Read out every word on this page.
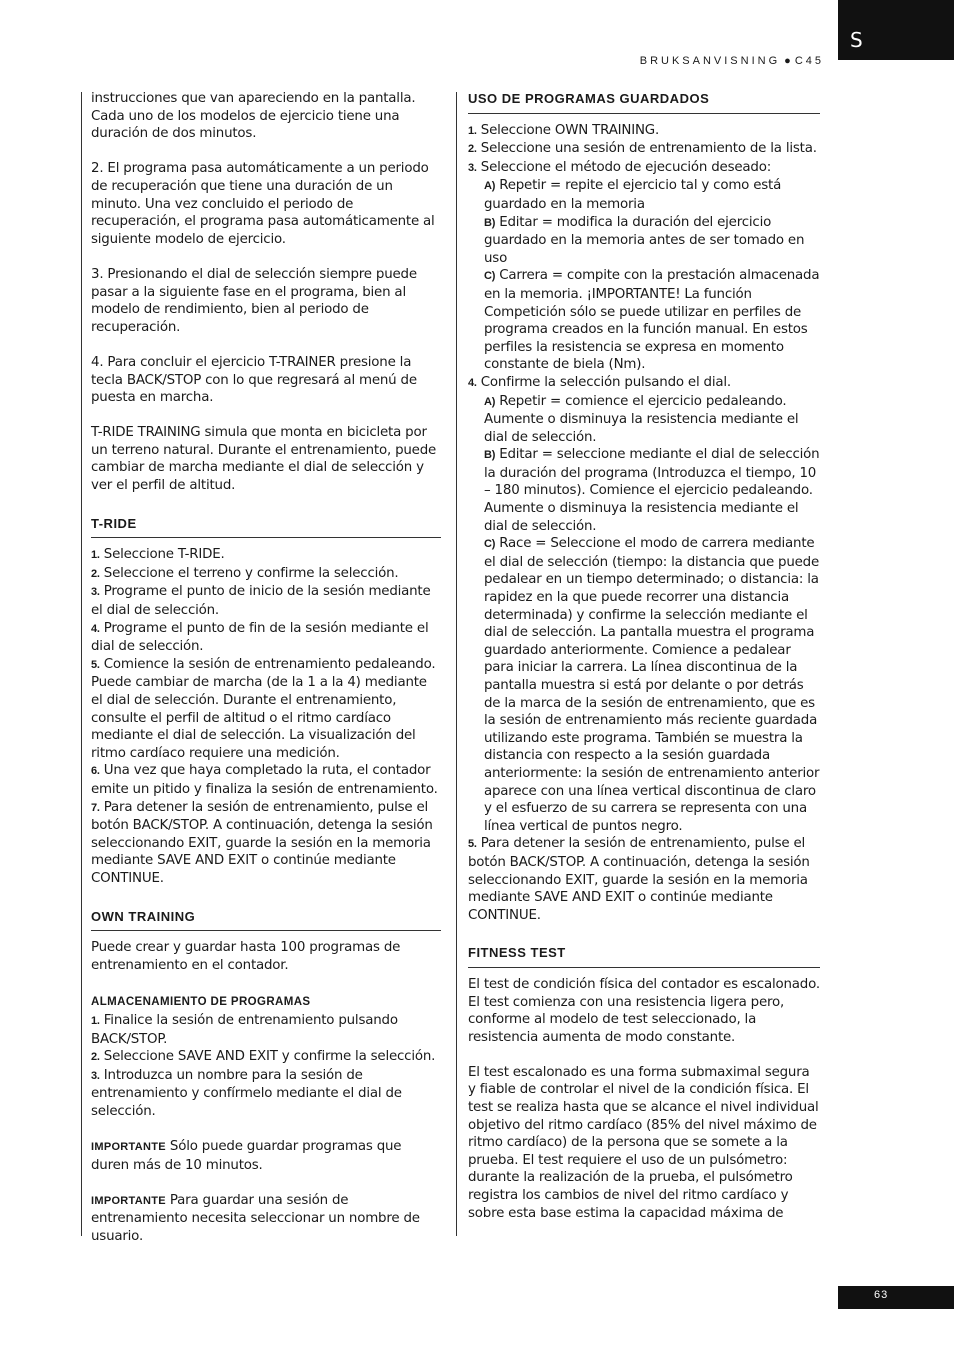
S
BRUKSANVISNING ● C45

instrucciones que van apareciendo en la pantalla. Cada uno de los modelos de ejercicio tiene una duración de dos minutos.

2. El programa pasa automáticamente a un periodo de recuperación que tiene una duración de un minuto. Una vez concluido el periodo de recuperación, el programa pasa automáticamente al siguiente modelo de ejercicio.

3. Presionando el dial de selección siempre puede pasar a la siguiente fase en el programa, bien al modelo de rendimiento, bien al periodo de recuperación.

4. Para concluir el ejercicio T-TRAINER presione la tecla BACK/STOP con lo que regresará al menú de puesta en marcha.

T-RIDE TRAINING simula que monta en bicicleta por un terreno natural. Durante el entrenamiento, puede cambiar de marcha mediante el dial de selección y ver el perfil de altitud.

T-RIDE
1. Seleccione T-RIDE.
2. Seleccione el terreno y confirme la selección.
3. Programe el punto de inicio de la sesión mediante el dial de selección.
4. Programe el punto de fin de la sesión mediante el dial de selección.
5. Comience la sesión de entrenamiento pedaleando. Puede cambiar de marcha (de la 1 a la 4) mediante el dial de selección. Durante el entrenamiento, consulte el perfil de altitud o el ritmo cardíaco mediante el dial de selección. La visualización del ritmo cardíaco requiere una medición.
6. Una vez que haya completado la ruta, el contador emite un pitido y finaliza la sesión de entrenamiento.
7. Para detener la sesión de entrenamiento, pulse el botón BACK/STOP. A continuación, detenga la sesión seleccionando EXIT, guarde la sesión en la memoria mediante SAVE AND EXIT o continúe mediante CONTINUE.
OWN TRAINING

Puede crear y guardar hasta 100 programas de entrenamiento en el contador.

ALMACENAMIENTO DE PROGRAMAS
1. Finalice la sesión de entrenamiento pulsando BACK/STOP.
2. Seleccione SAVE AND EXIT y confirme la selección.
3. Introduzca un nombre para la sesión de entrenamiento y confírmelo mediante el dial de selección.

IMPORTANTE Sólo puede guardar programas que duren más de 10 minutos.

IMPORTANTE Para guardar una sesión de entrenamiento necesita seleccionar un nombre de usuario.

USO DE PROGRAMAS GUARDADOS
1. Seleccione OWN TRAINING.
2. Seleccione una sesión de entrenamiento de la lista.
3. Seleccione el método de ejecución deseado:
A) Repetir = repite el ejercicio tal y como está guardado en la memoria
B) Editar = modifica la duración del ejercicio guardado en la memoria antes de ser tomado en uso
C) Carrera = compite con la prestación almacenada en la memoria. ¡IMPORTANTE! La función Competición sólo se puede utilizar en perfiles de programa creados en la función manual. En estos perfiles la resistencia se expresa en momento constante de biela (Nm).
4. Confirme la selección pulsando el dial.
A) Repetir = comience el ejercicio pedaleando. Aumente o disminuya la resistencia mediante el dial de selección.
B) Editar = seleccione mediante el dial de selección la duración del programa (Introduzca el tiempo, 10 – 180 minutos). Comience el ejercicio pedaleando. Aumente o disminuya la resistencia mediante el dial de selección.
C) Race = Seleccione el modo de carrera mediante el dial de selección (tiempo: la distancia que puede pedalear en un tiempo determinado; o distancia: la rapidez en la que puede recorrer una distancia determinada) y confirme la selección mediante el dial de selección. La pantalla muestra el programa guardado anteriormente. Comience a pedalear para iniciar la carrera. La línea discontinua de la pantalla muestra si está por delante o por detrás de la marca de la sesión de entrenamiento, que es la sesión de entrenamiento más reciente guardada utilizando este programa. También se muestra la distancia con respecto a la sesión guardada anteriormente: la sesión de entrenamiento anterior aparece con una línea vertical discontinua de claro y el esfuerzo de su carrera se representa con una línea vertical de puntos negro.
5. Para detener la sesión de entrenamiento, pulse el botón BACK/STOP. A continuación, detenga la sesión seleccionando EXIT, guarde la sesión en la memoria mediante SAVE AND EXIT o continúe mediante CONTINUE.
FITNESS TEST

El test de condición física del contador es escalonado. El test comienza con una resistencia ligera pero, conforme al modelo de test seleccionado, la resistencia aumenta de modo constante.

El test escalonado es una forma submaximal segura y fiable de controlar el nivel de la condición física. El test se realiza hasta que se alcance el nivel individual objetivo del ritmo cardíaco (85% del nivel máximo de ritmo cardíaco) de la persona que se somete a la prueba. El test requiere el uso de un pulsómetro: durante la realización de la prueba, el pulsómetro registra los cambios de nivel del ritmo cardíaco y sobre esta base estima la capacidad máxima de

63
